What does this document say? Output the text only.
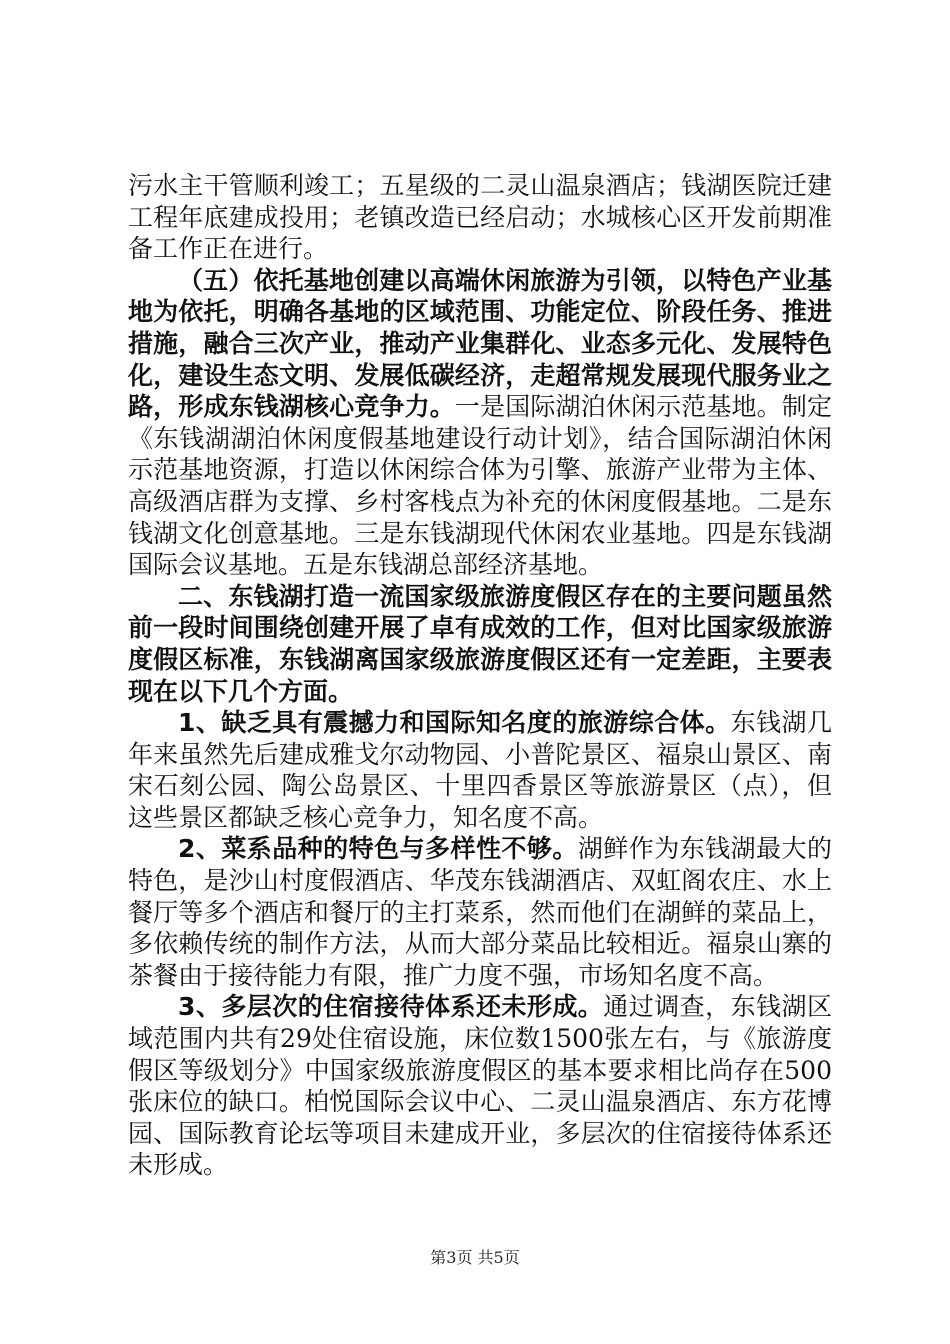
污水主干管顺利竣工；五星级的二灵山温泉酒店；钱湖医院迁建工程年底建成投用；老镇改造已经启动；水城核心区开发前期准备工作正在进行。

（五）依托基地创建以高端休闲旅游为引领，以特色产业基地为依托，明确各基地的区域范围、功能定位、阶段任务、推进措施，融合三次产业，推动产业集群化、业态多元化、发展特色化，建设生态文明、发展低碳经济，走超常规发展现代服务业之路，形成东钱湖核心竞争力。一是国际湖泊休闲示范基地。制定《东钱湖湖泊休闲度假基地建设行动计划》，结合国际湖泊休闲示范基地资源，打造以休闲综合体为引擎、旅游产业带为主体、高级酒店群为支撑、乡村客栈点为补充的休闲度假基地。二是东钱湖文化创意基地。三是东钱湖现代休闲农业基地。四是东钱湖国际会议基地。五是东钱湖总部经济基地。

二、东钱湖打造一流国家级旅游度假区存在的主要问题虽然前一段时间围绕创建开展了卓有成效的工作，但对比国家级旅游度假区标准，东钱湖离国家级旅游度假区还有一定差距，主要表现在以下几个方面。

1、缺乏具有震撼力和国际知名度的旅游综合体。东钱湖几年来虽然先后建成雅戈尔动物园、小普陀景区、福泉山景区、南宋石刻公园、陶公岛景区、十里四香景区等旅游景区（点），但这些景区都缺乏核心竞争力，知名度不高。

2、菜系品种的特色与多样性不够。湖鲜作为东钱湖最大的特色，是沙山村度假酒店、华茂东钱湖酒店、双虹阁农庄、水上餐厅等多个酒店和餐厅的主打菜系，然而他们在湖鲜的菜品上，多依赖传统的制作方法，从而大部分菜品比较相近。福泉山寨的茶餐由于接待能力有限，推广力度不强，市场知名度不高。

3、多层次的住宿接待体系还未形成。通过调查，东钱湖区域范围内共有29处住宿设施，床位数1500张左右，与《旅游度假区等级划分》中国家级旅游度假区的基本要求相比尚存在500张床位的缺口。柏悦国际会议中心、二灵山温泉酒店、东方花博园、国际教育论坛等项目未建成开业，多层次的住宿接待体系还未形成。

第3页 共5页
